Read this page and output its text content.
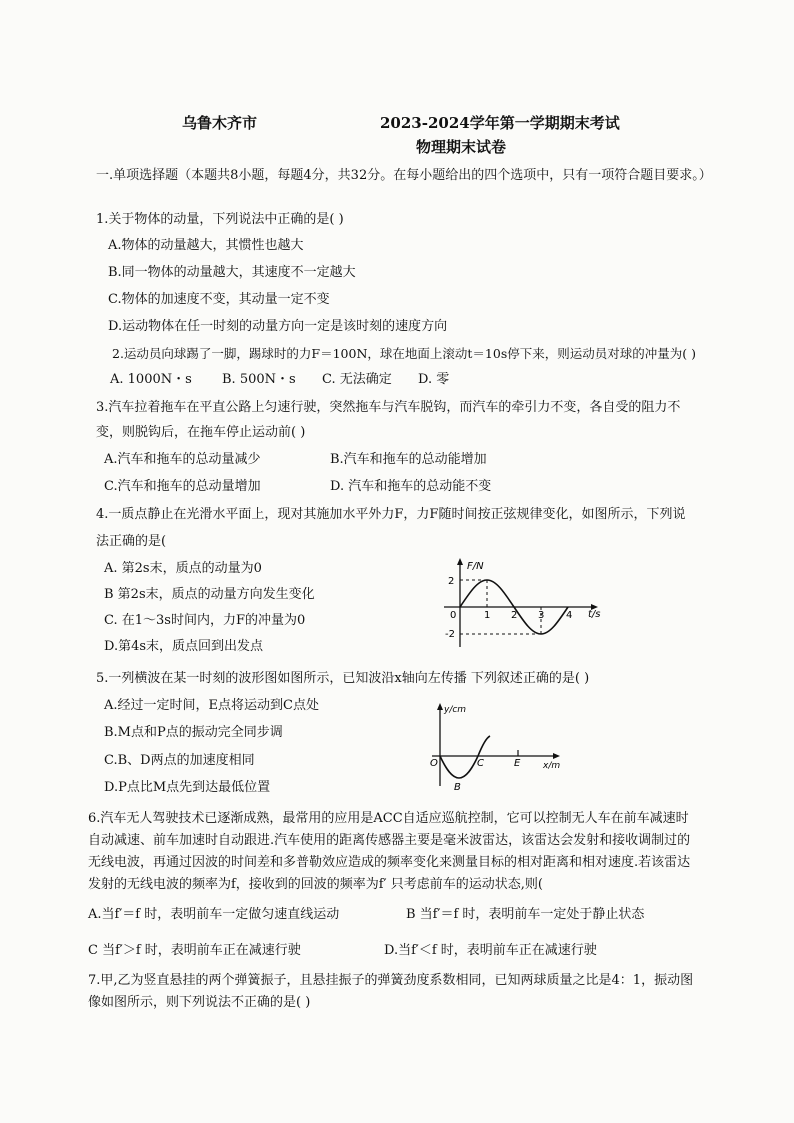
乌鲁木齐市	2023-2024学年第一学期期末考试
物理期末试卷
一.单项选择题（本题共8小题，每题4分，共32分。在每小题给出的四个选项中，只有一项符合题目要求。）
1.关于物体的动量，下列说法中正确的是( )
A.物体的动量越大，其惯性也越大
B.同一物体的动量越大，其速度不一定越大
C.物体的加速度不变，其动量一定不变
D.运动物体在任一时刻的动量方向一定是该时刻的速度方向
2.运动员向球踢了一脚，踢球时的力F＝100N，球在地面上滚动t＝10s停下来，则运动员对球的冲量为( )
A. 1000N・s B. 500N・s C. 无法确定 D. 零
3.汽车拉着拖车在平直公路上匀速行驶，突然拖车与汽车脱钩，而汽车的牵引力不变，各自受的阻力不
变，则脱钩后，在拖车停止运动前( )
A.汽车和拖车的总动量减少	B.汽车和拖车的总动能增加
C.汽车和拖车的总动量增加	D. 汽车和拖车的总动能不变
4.一质点静止在光滑水平面上，现对其施加水平外力F，力F随时间按正弦规律变化，如图所示，下列说
法正确的是(
A. 第2s末，质点的动量为0
B 第2s末，质点的动量方向发生变化
C. 在1～3s时间内，力F的冲量为0
D.第4s末，质点回到出发点
F/N
t/s
2
-2
0	1 2 3 4
5.一列横波在某一时刻的波形图如图所示，已知波沿x轴向左传播 下列叙述正确的是( )
A.经过一定时间，E点将运动到C点处
B.M点和P点的振动完全同步调
C.B、D两点的加速度相同
D.P点比M点先到达最低位置
y/cm
x/m
O
B
C	E
6.汽车无人驾驶技术已逐渐成熟，最常用的应用是ACC自适应巡航控制，它可以控制无人车在前车减速时
自动减速、前车加速时自动跟进.汽车使用的距离传感器主要是毫米波雷达，该雷达会发射和接收调制过的
无线电波，再通过因波的时间差和多普勒效应造成的频率变化来测量目标的相对距离和相对速度.若该雷达
发射的无线电波的频率为f，接收到的回波的频率为f′ 只考虑前车的运动状态,则(
A.当f′＝f 时，表明前车一定做匀速直线运动	B 当f′＝f 时，表明前车一定处于静止状态
C 当f′＞f 时，表明前车正在减速行驶	D.当f′＜f 时，表明前车正在减速行驶
7.甲,乙为竖直悬挂的两个弹簧振子，且悬挂振子的弹簧劲度系数相同，已知两球质量之比是4：1，振动图
像如图所示，则下列说法不正确的是( )
